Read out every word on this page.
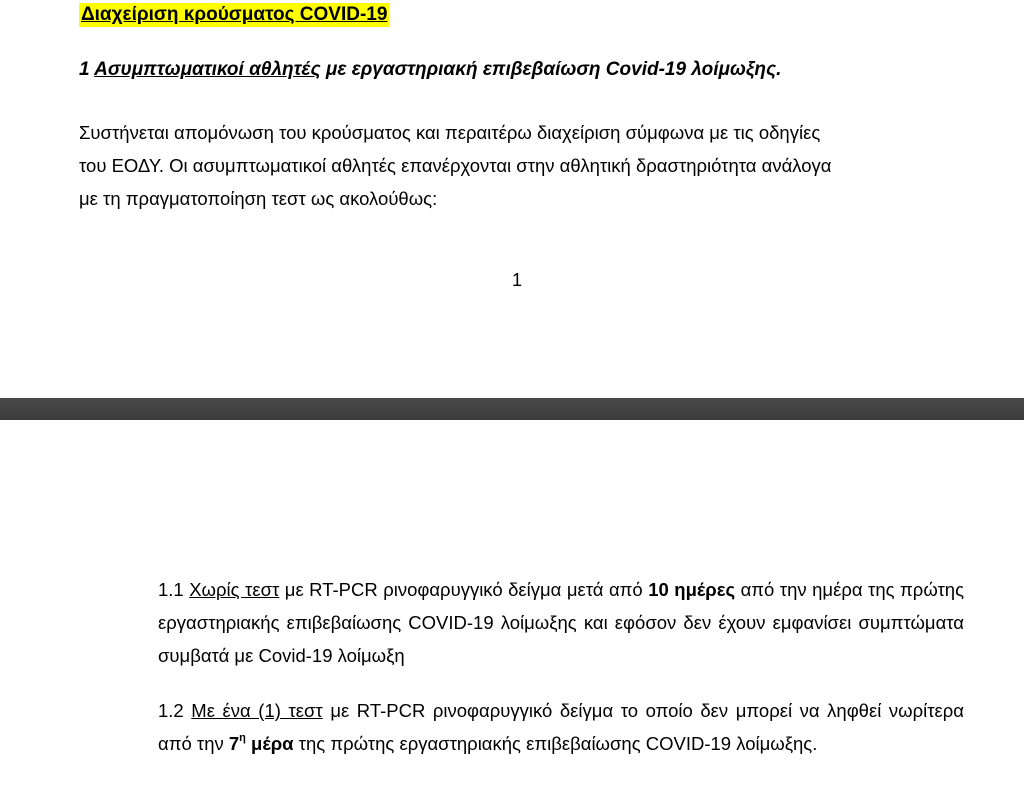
Διαχείριση κρούσματος COVID-19
1 Ασυμπτωματικοί αθλητές με εργαστηριακή επιβεβαίωση Covid-19 λοίμωξης.
Συστήνεται απομόνωση του κρούσματος και περαιτέρω διαχείριση σύμφωνα με τις οδηγίες
του ΕΟΔΥ. Οι ασυμπτωματικοί αθλητές επανέρχονται στην αθλητική δραστηριότητα ανάλογα
με τη πραγματοποίηση τεστ ως ακολούθως:
1
1.1 Χωρίς τεστ με RT-PCR ρινοφαρυγγικό δείγμα μετά από 10 ημέρες από την ημέρα της πρώτης εργαστηριακής επιβεβαίωσης COVID-19 λοίμωξης και εφόσον δεν έχουν εμφανίσει συμπτώματα συμβατά με Covid-19 λοίμωξη
1.2 Με ένα (1) τεστ με RT-PCR ρινοφαρυγγικό δείγμα το οποίο δεν μπορεί να ληφθεί νωρίτερα από την $7^\eta$ μέρα της πρώτης εργαστηριακής επιβεβαίωσης COVID-19 λοίμωξης.
